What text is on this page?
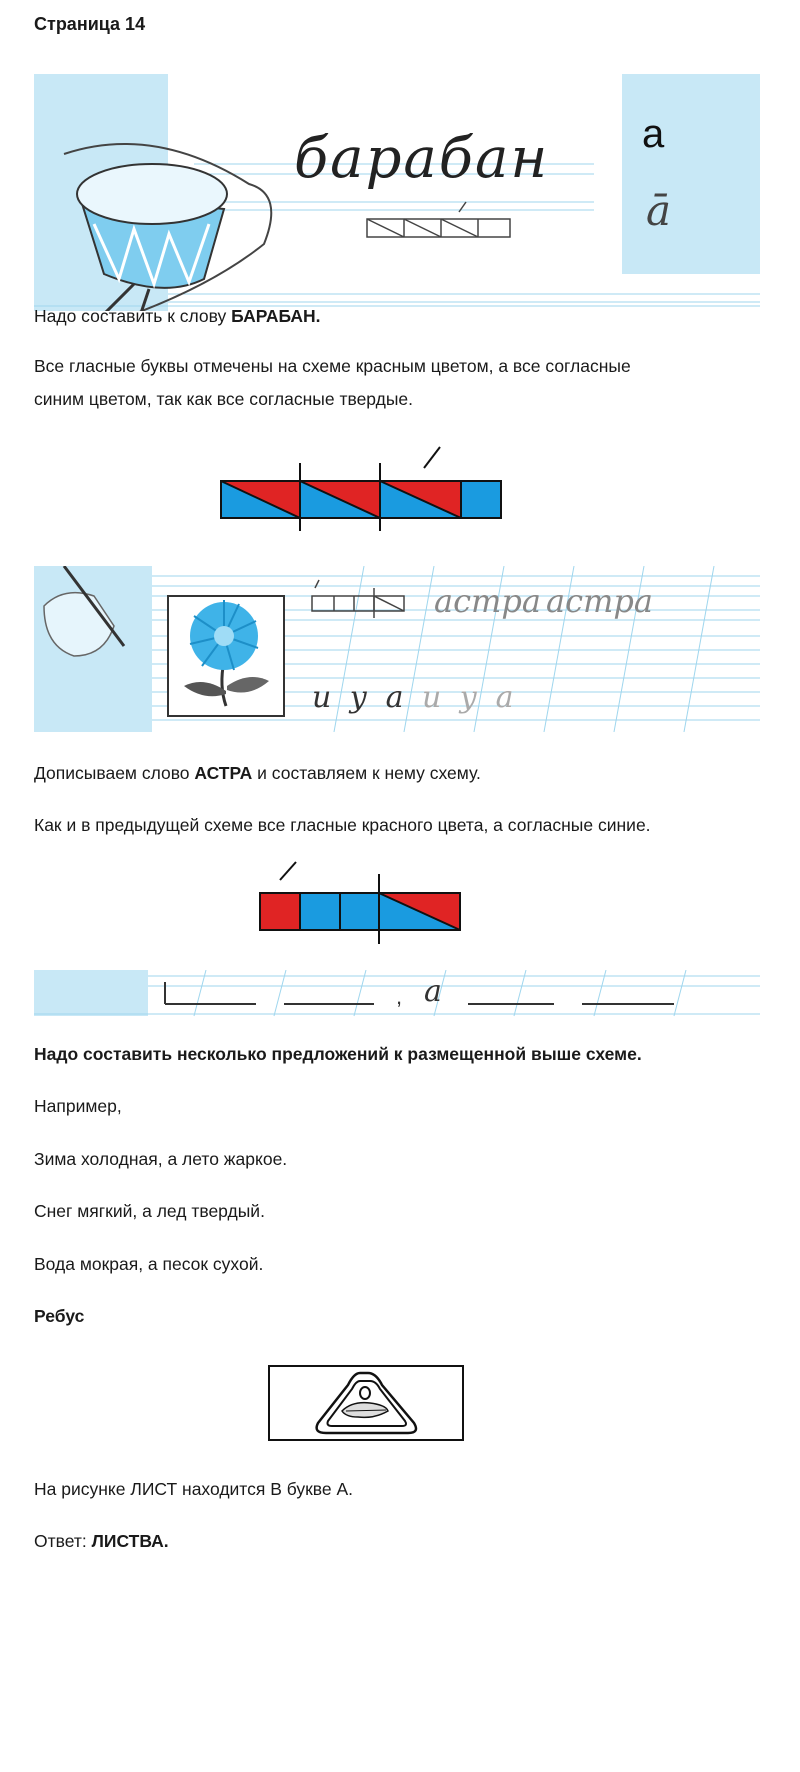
Страница 14
барабан а
ā
Надо составить к слову БАРАБАН.
Все гласные буквы отмечены на схеме красным цветом, а все согласные
синим цветом, так как все согласные твердые.
астра астра
и у а и у а
Дописываем слово АСТРА и составляем к нему схему.
Как и в предыдущей схеме все гласные красного цвета, а согласные синие.
, а
Надо составить несколько предложений к размещенной выше схеме.
Например,
Зима холодная, а лето жаркое.
Снег мягкий, а лед твердый.
Вода мокрая, а песок сухой.
Ребус
На рисунке ЛИСТ находится В букве А.
Ответ: ЛИСТВА.
